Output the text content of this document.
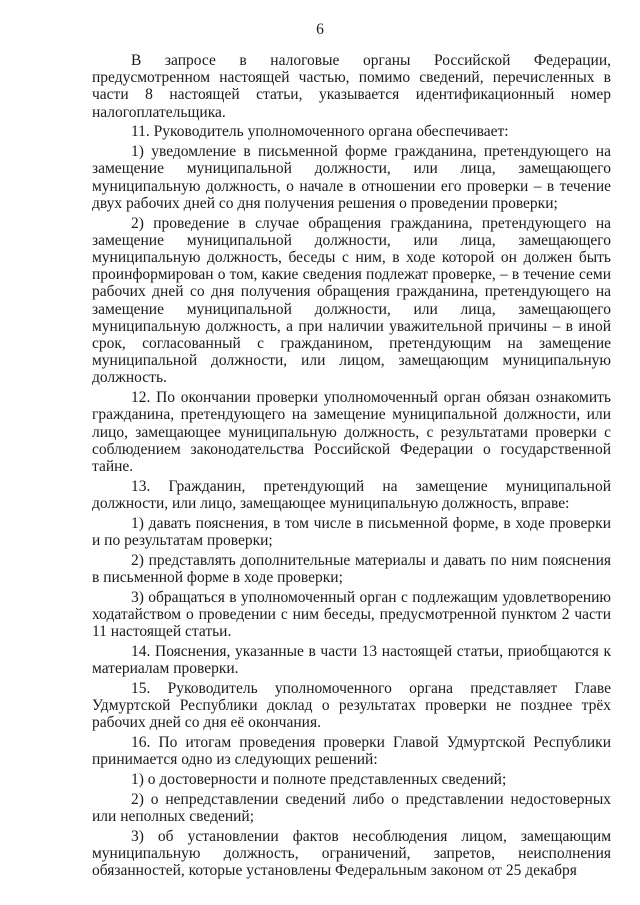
6

В запросе в налоговые органы Российской Федерации, предусмотренном настоящей частью, помимо сведений, перечисленных в части 8 настоящей статьи, указывается идентификационный номер налогоплательщика.

11. Руководитель уполномоченного органа обеспечивает:

1) уведомление в письменной форме гражданина, претендующего на замещение муниципальной должности, или лица, замещающего муниципальную должность, о начале в отношении его проверки – в течение двух рабочих дней со дня получения решения о проведении проверки;

2) проведение в случае обращения гражданина, претендующего на замещение муниципальной должности, или лица, замещающего муниципальную должность, беседы с ним, в ходе которой он должен быть проинформирован о том, какие сведения подлежат проверке, – в течение семи рабочих дней со дня получения обращения гражданина, претендующего на замещение муниципальной должности, или лица, замещающего муниципальную должность, а при наличии уважительной причины – в иной срок, согласованный с гражданином, претендующим на замещение муниципальной должности, или лицом, замещающим муниципальную должность.

12. По окончании проверки уполномоченный орган обязан ознакомить гражданина, претендующего на замещение муниципальной должности, или лицо, замещающее муниципальную должность, с результатами проверки с соблюдением законодательства Российской Федерации о государственной тайне.

13. Гражданин, претендующий на замещение муниципальной должности, или лицо, замещающее муниципальную должность, вправе:

1) давать пояснения, в том числе в письменной форме, в ходе проверки и по результатам проверки;

2) представлять дополнительные материалы и давать по ним пояснения в письменной форме в ходе проверки;

3) обращаться в уполномоченный орган с подлежащим удовлетворению ходатайством о проведении с ним беседы, предусмотренной пунктом 2 части 11 настоящей статьи.

14. Пояснения, указанные в части 13 настоящей статьи, приобщаются к материалам проверки.

15. Руководитель уполномоченного органа представляет Главе Удмуртской Республики доклад о результатах проверки не позднее трёх рабочих дней со дня её окончания.

16. По итогам проведения проверки Главой Удмуртской Республики принимается одно из следующих решений:

1) о достоверности и полноте представленных сведений;

2) о непредставлении сведений либо о представлении недостоверных или неполных сведений;

3) об установлении фактов несоблюдения лицом, замещающим муниципальную должность, ограничений, запретов, неисполнения обязанностей, которые установлены Федеральным законом от 25 декабря
